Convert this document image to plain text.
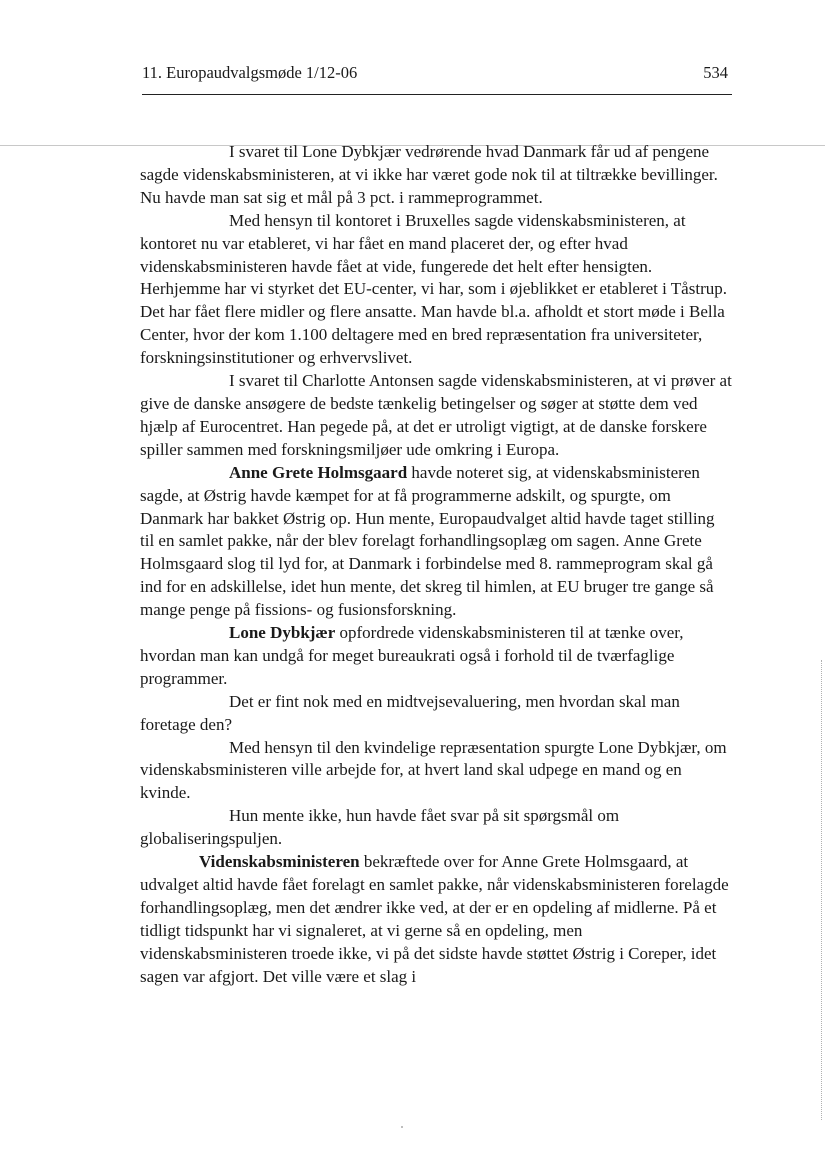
11. Europaudvalgsmøde 1/12-06	534

I svaret til Lone Dybkjær vedrørende hvad Danmark får ud af pengene sagde videnskabsministeren, at vi ikke har været gode nok til at tiltrække bevillinger. Nu havde man sat sig et mål på 3 pct. i rammeprogrammet.

Med hensyn til kontoret i Bruxelles sagde videnskabsministeren, at kontoret nu var etableret, vi har fået en mand placeret der, og efter hvad videnskabsministeren havde fået at vide, fungerede det helt efter hensigten. Herhjemme har vi styrket det EU-center, vi har, som i øjeblikket er etableret i Tåstrup. Det har fået flere midler og flere ansatte. Man havde bl.a. afholdt et stort møde i Bella Center, hvor der kom 1.100 deltagere med en bred repræsentation fra universiteter, forskningsinstitutioner og erhvervslivet.

I svaret til Charlotte Antonsen sagde videnskabsministeren, at vi prøver at give de danske ansøgere de bedste tænkelig betingelser og søger at støtte dem ved hjælp af Eurocentret. Han pegede på, at det er utroligt vigtigt, at de danske forskere spiller sammen med forskningsmiljøer ude omkring i Europa.

Anne Grete Holmsgaard havde noteret sig, at videnskabsministeren sagde, at Østrig havde kæmpet for at få programmerne adskilt, og spurgte, om Danmark har bakket Østrig op. Hun mente, Europaudvalget altid havde taget stilling til en samlet pakke, når der blev forelagt forhandlingsoplæg om sagen. Anne Grete Holmsgaard slog til lyd for, at Danmark i forbindelse med 8. rammeprogram skal gå ind for en adskillelse, idet hun mente, det skreg til himlen, at EU bruger tre gange så mange penge på fissions- og fusionsforskning.

Lone Dybkjær opfordrede videnskabsministeren til at tænke over, hvordan man kan undgå for meget bureaukrati også i forhold til de tværfaglige programmer.

Det er fint nok med en midtvejsevaluering, men hvordan skal man foretage den?

Med hensyn til den kvindelige repræsentation spurgte Lone Dybkjær, om videnskabsministeren ville arbejde for, at hvert land skal udpege en mand og en kvinde.

Hun mente ikke, hun havde fået svar på sit spørgsmål om globaliseringspuljen.

Videnskabsministeren bekræftede over for Anne Grete Holmsgaard, at udvalget altid havde fået forelagt en samlet pakke, når videnskabsministeren forelagde forhandlingsoplæg, men det ændrer ikke ved, at der er en opdeling af midlerne. På et tidligt tidspunkt har vi signaleret, at vi gerne så en opdeling, men videnskabsministeren troede ikke, vi på det sidste havde støttet Østrig i Coreper, idet sagen var afgjort. Det ville være et slag i
